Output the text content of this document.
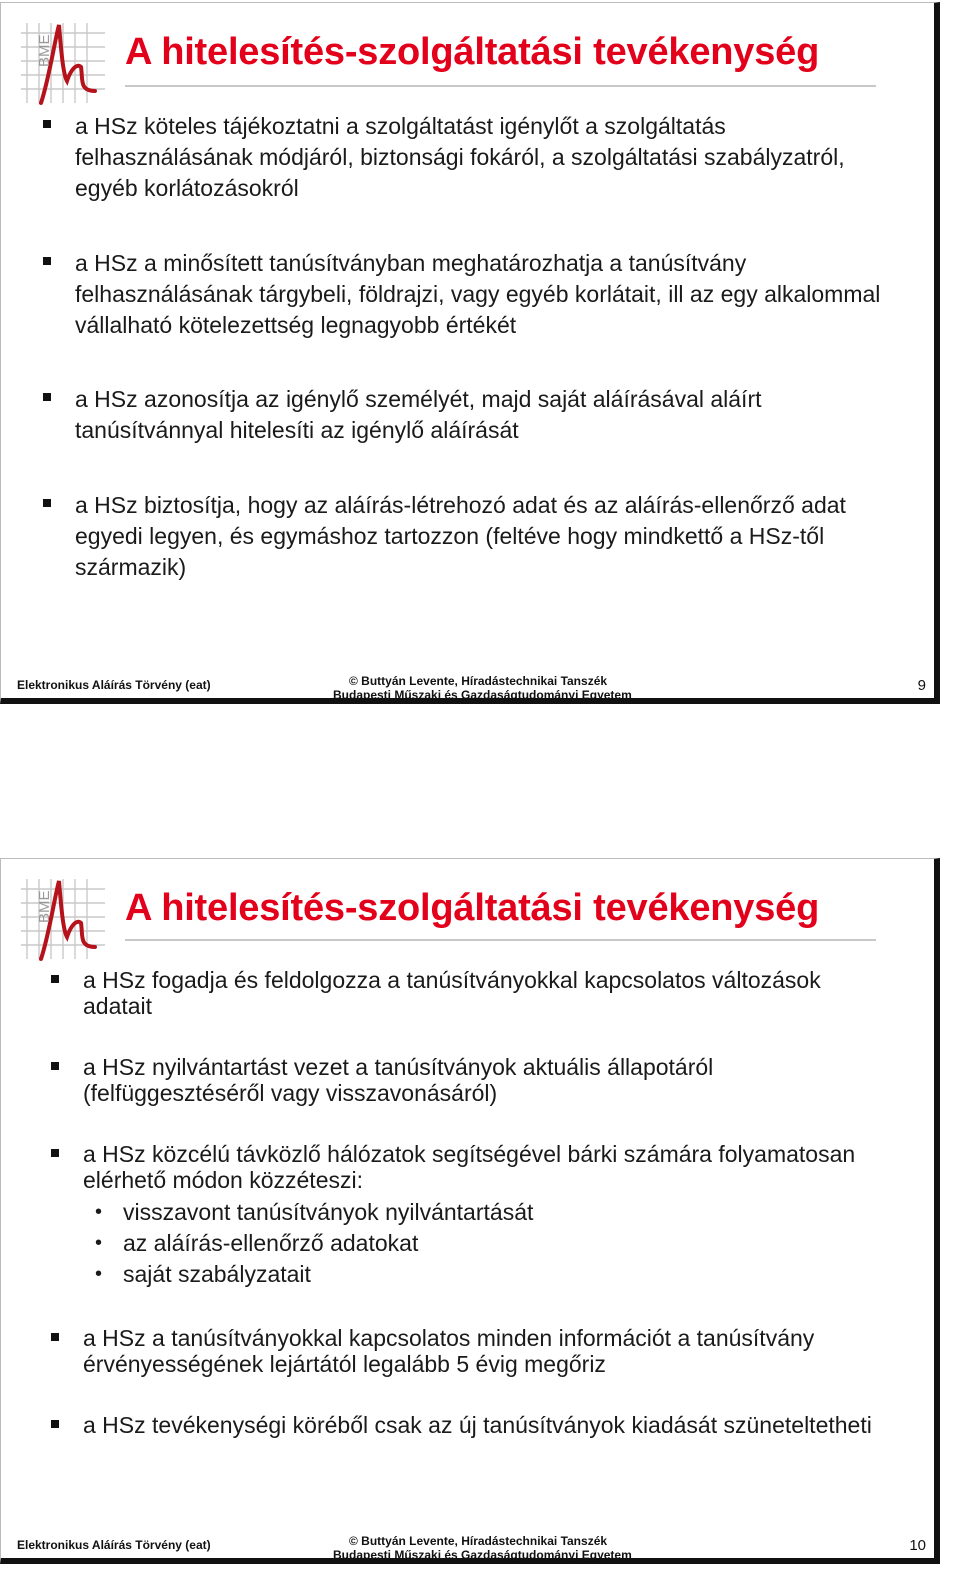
BME A hitelesítés-szolgáltatási tevékenység
a HSz köteles tájékoztatni a szolgáltatást igénylőt a szolgáltatás felhasználásának módjáról, biztonsági fokáról, a szolgáltatási szabályzatról, egyéb korlátozásokról
a HSz a minősített tanúsítványban meghatározhatja a tanúsítvány felhasználásának tárgybeli, földrajzi, vagy egyéb korlátait, ill az egy alkalommal vállalható kötelezettség legnagyobb értékét
a HSz azonosítja az igénylő személyét, majd saját aláírásával aláírt tanúsítvánnyal hitelesíti az igénylő aláírását
a HSz biztosítja, hogy az aláírás-létrehozó adat és az aláírás-ellenőrző adat egyedi legyen, és egymáshoz tartozzon (feltéve hogy mindkettő a HSz-től származik)
Elektronikus Aláírás Törvény (eat)	© Buttyán Levente, Híradástechnikai Tanszék
Budapesti Műszaki és Gazdaságtudományi Egyetem
9
BME A hitelesítés-szolgáltatási tevékenység
a HSz fogadja és feldolgozza a tanúsítványokkal kapcsolatos változások adatait
a HSz nyilvántartást vezet a tanúsítványok aktuális állapotáról (felfüggesztéséről vagy visszavonásáról)
a HSz közcélú távközlő hálózatok segítségével bárki számára folyamatosan elérhető módon közzéteszi:
• visszavont tanúsítványok nyilvántartását
• az aláírás-ellenőrző adatokat
• saját szabályzatait
a HSz a tanúsítványokkal kapcsolatos minden információt a tanúsítvány érvényességének lejártától legalább 5 évig megőriz
a HSz tevékenységi köréből csak az új tanúsítványok kiadását szüneteltetheti
Elektronikus Aláírás Törvény (eat)	© Buttyán Levente, Híradástechnikai Tanszék
Budapesti Műszaki és Gazdaságtudományi Egyetem
10
